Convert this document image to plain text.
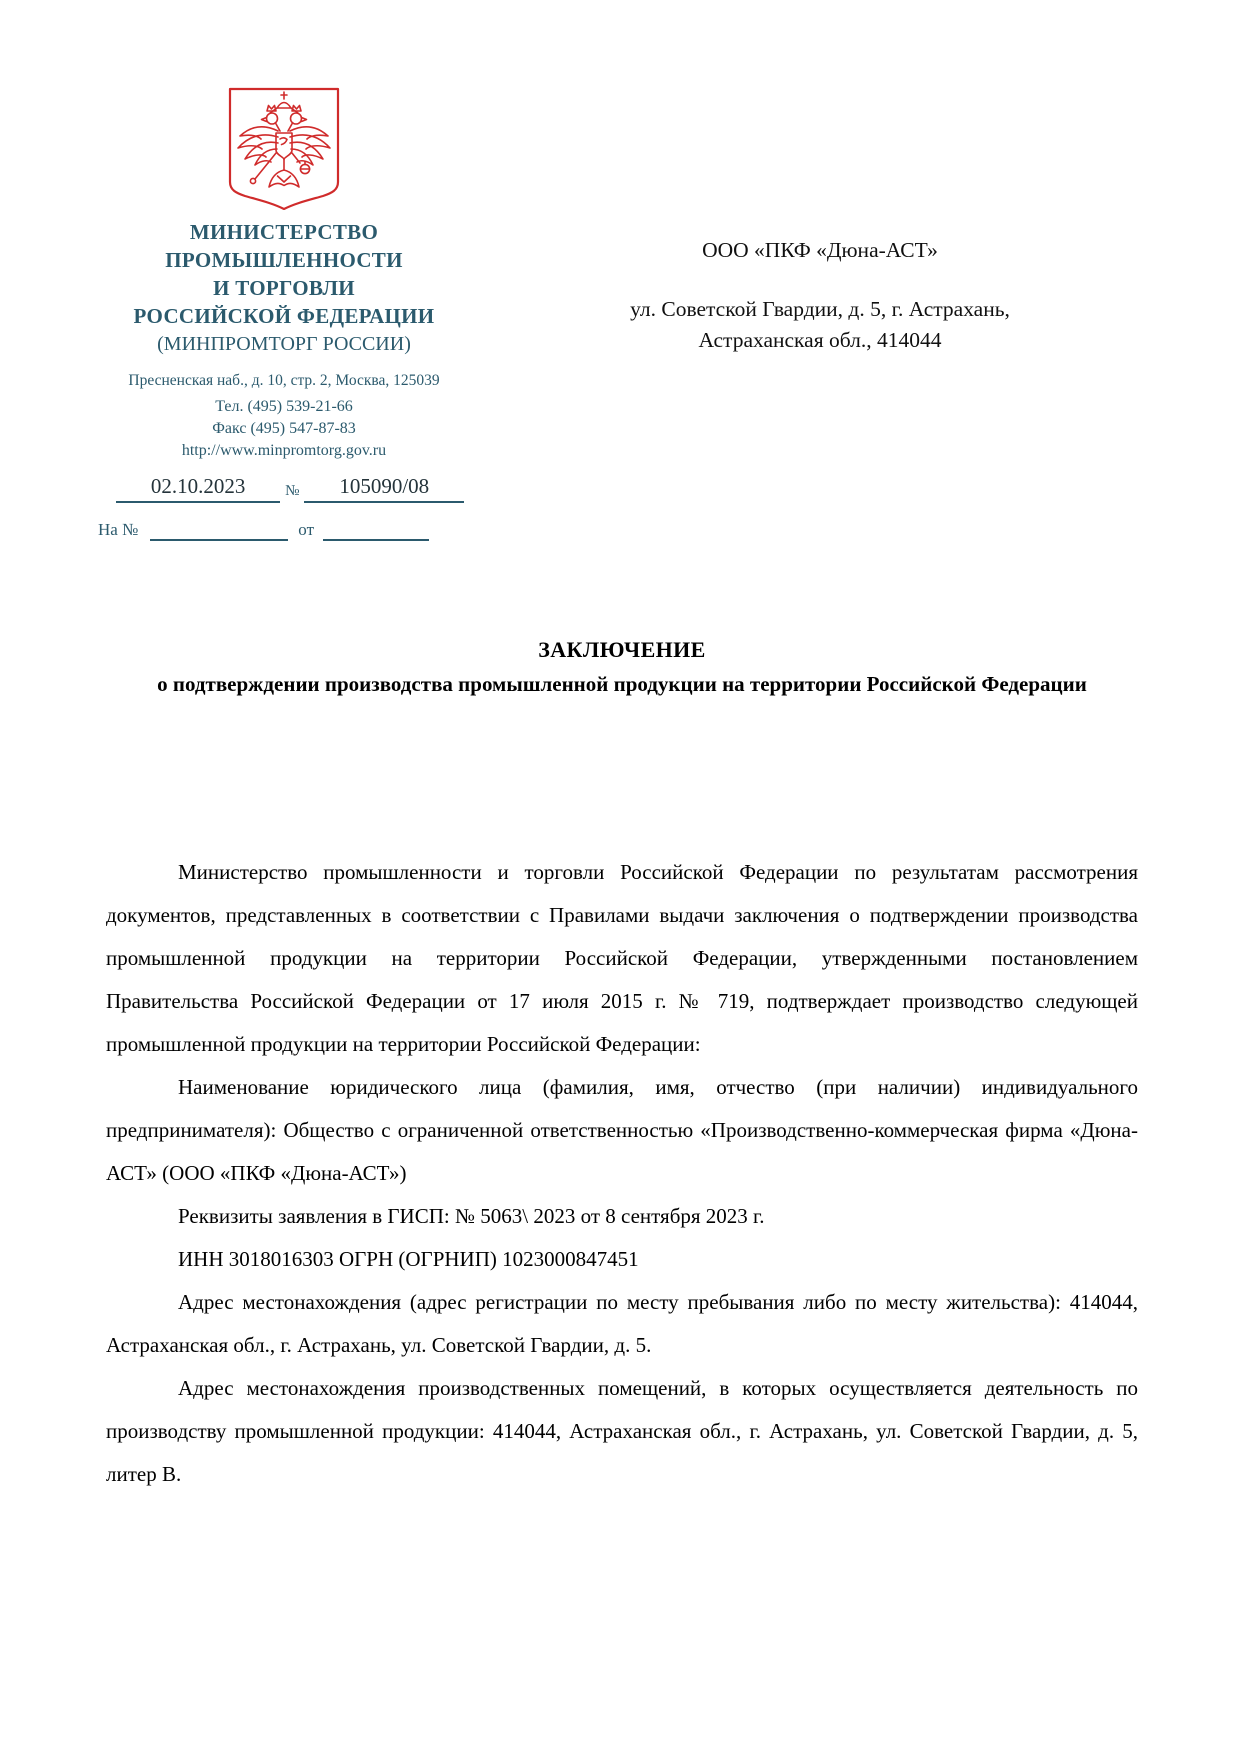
МИНИСТЕРСТВО
ПРОМЫШЛЕННОСТИ
И ТОРГОВЛИ
РОССИЙСКОЙ ФЕДЕРАЦИИ
(МИНПРОМТОРГ РОССИИ)
Пресненская наб., д. 10, стр. 2, Москва, 125039
Тел. (495) 539-21-66
Факс (495) 547-87-83
http://www.minpromtorg.gov.ru
02.10.2023	№	105090/08
На №	от
ООО «ПКФ «Дюна-АСТ»
ул. Советской Гвардии, д. 5, г. Астрахань,
Астраханская обл., 414044
ЗАКЛЮЧЕНИЕ
о подтверждении производства промышленной продукции на территории Российской Федерации

Министерство промышленности и торговли Российской Федерации по результатам рассмотрения документов, представленных в соответствии с Правилами выдачи заключения о подтверждении производства промышленной продукции на территории Российской Федерации, утвержденными постановлением Правительства Российской Федерации от 17 июля 2015 г. № 719, подтверждает производство следующей промышленной продукции на территории Российской Федерации:

Наименование юридического лица (фамилия, имя, отчество (при наличии) индивидуального предпринимателя): Общество с ограниченной ответственностью «Производственно-коммерческая фирма «Дюна-АСТ» (ООО «ПКФ «Дюна-АСТ»)

Реквизиты заявления в ГИСП: № 5063\ 2023 от 8 сентября 2023 г.

ИНН 3018016303 ОГРН (ОГРНИП) 1023000847451

Адрес местонахождения (адрес регистрации по месту пребывания либо по месту жительства): 414044, Астраханская обл., г. Астрахань, ул. Советской Гвардии, д. 5.

Адрес местонахождения производственных помещений, в которых осуществляется деятельность по производству промышленной продукции: 414044, Астраханская обл., г. Астрахань, ул. Советской Гвардии, д. 5, литер В.
